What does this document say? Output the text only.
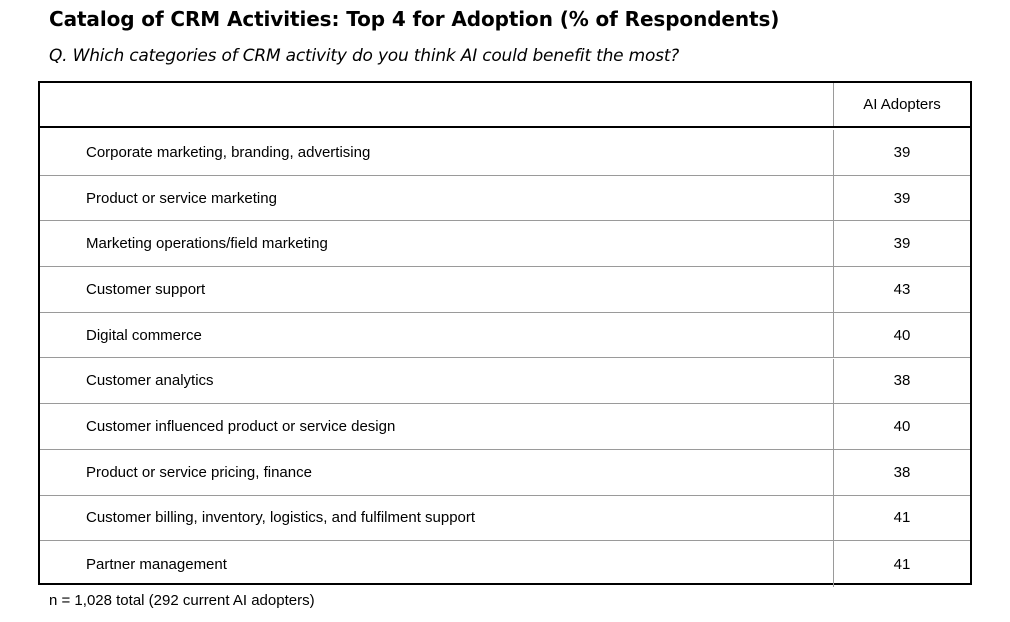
Catalog of CRM Activities: Top 4 for Adoption (% of Respondents)
Q. Which categories of CRM activity do you think AI could benefit the most?
AI Adopters
Corporate marketing, branding, advertising	39
Product or service marketing	39
Marketing operations/field marketing	39
Customer support	43
Digital commerce	40
Customer analytics	38
Customer influenced product or service design	40
Product or service pricing, finance	38
Customer billing, inventory, logistics, and fulfilment support	41
Partner management	41
n = 1,028 total (292 current AI adopters)
